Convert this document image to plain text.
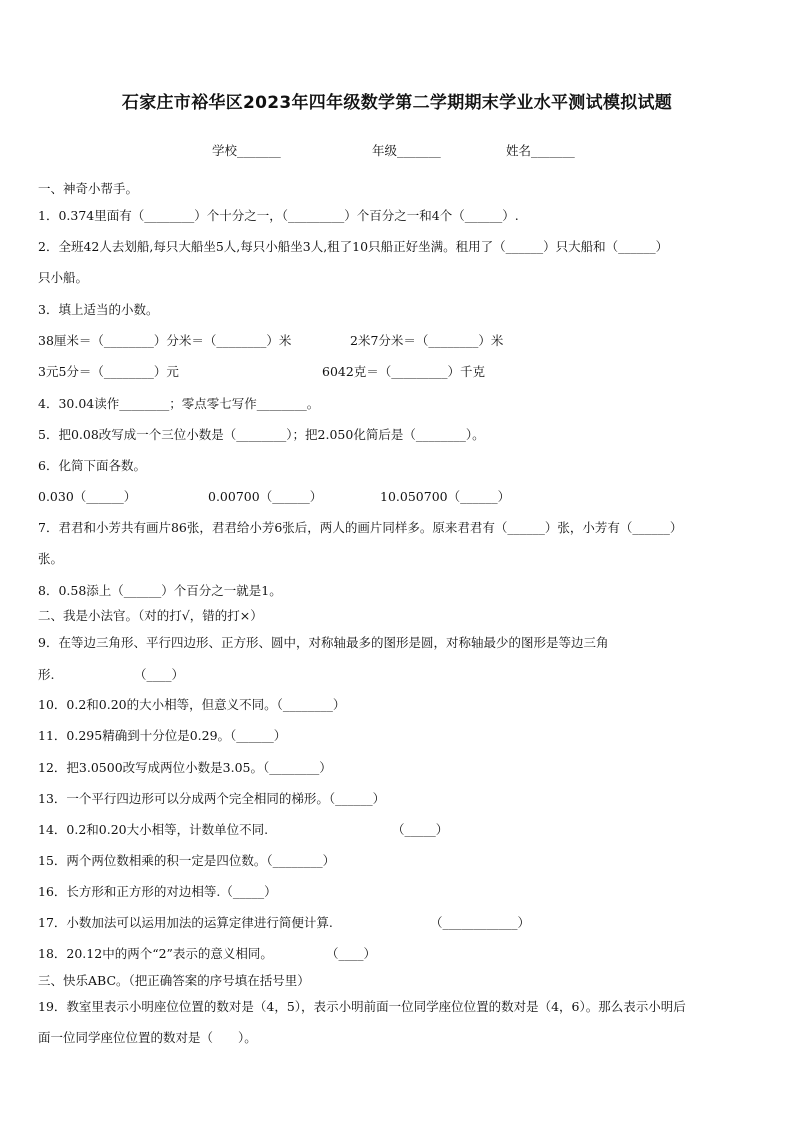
石家庄市裕华区2023年四年级数学第二学期期末学业水平测试模拟试题
学校_______	年级_______	姓名_______
一、神奇小帮手。
1．0.374里面有（________）个十分之一，（_________）个百分之一和4个（______）.
2．全班42人去划船,每只大船坐5人,每只小船坐3人,租了10只船正好坐满。租用了（______）只大船和（______）
只小船。
3．填上适当的小数。
38厘米＝（________）分米＝（________）米	2米7分米＝（________）米
3元5分＝（________）元	6042克＝（_________）千克
4．30.04读作________；零点零七写作________。
5．把0.08改写成一个三位小数是（________）；把2.050化简后是（________）。
6．化简下面各数。
0.030（______）	0.00700（______）	10.050700（______）
7．君君和小芳共有画片86张，君君给小芳6张后，两人的画片同样多。原来君君有（______）张，小芳有（______）
张。
8．0.58添上（______）个百分之一就是1。
二、我是小法官。（对的打√，错的打×）
9．在等边三角形、平行四边形、正方形、圆中，对称轴最多的图形是圆，对称轴最少的图形是等边三角
形.	（____）
10．0.2和0.20的大小相等，但意义不同。（________）
11．0.295精确到十分位是0.29。（______）
12．把3.0500改写成两位小数是3.05。（________）
13．一个平行四边形可以分成两个完全相同的梯形。（______）
14．0.2和0.20大小相等，计数单位不同.	（_____）
15．两个两位数相乘的积一定是四位数。（________）
16．长方形和正方形的对边相等.（_____）
17．小数加法可以运用加法的运算定律进行简便计算.	（____________）
18．20.12中的两个“2”表示的意义相同。	（____）
三、快乐ABC。（把正确答案的序号填在括号里）
19．教室里表示小明座位位置的数对是（4，5），表示小明前面一位同学座位位置的数对是（4，6）。那么表示小明后
面一位同学座位位置的数对是（　　）。
